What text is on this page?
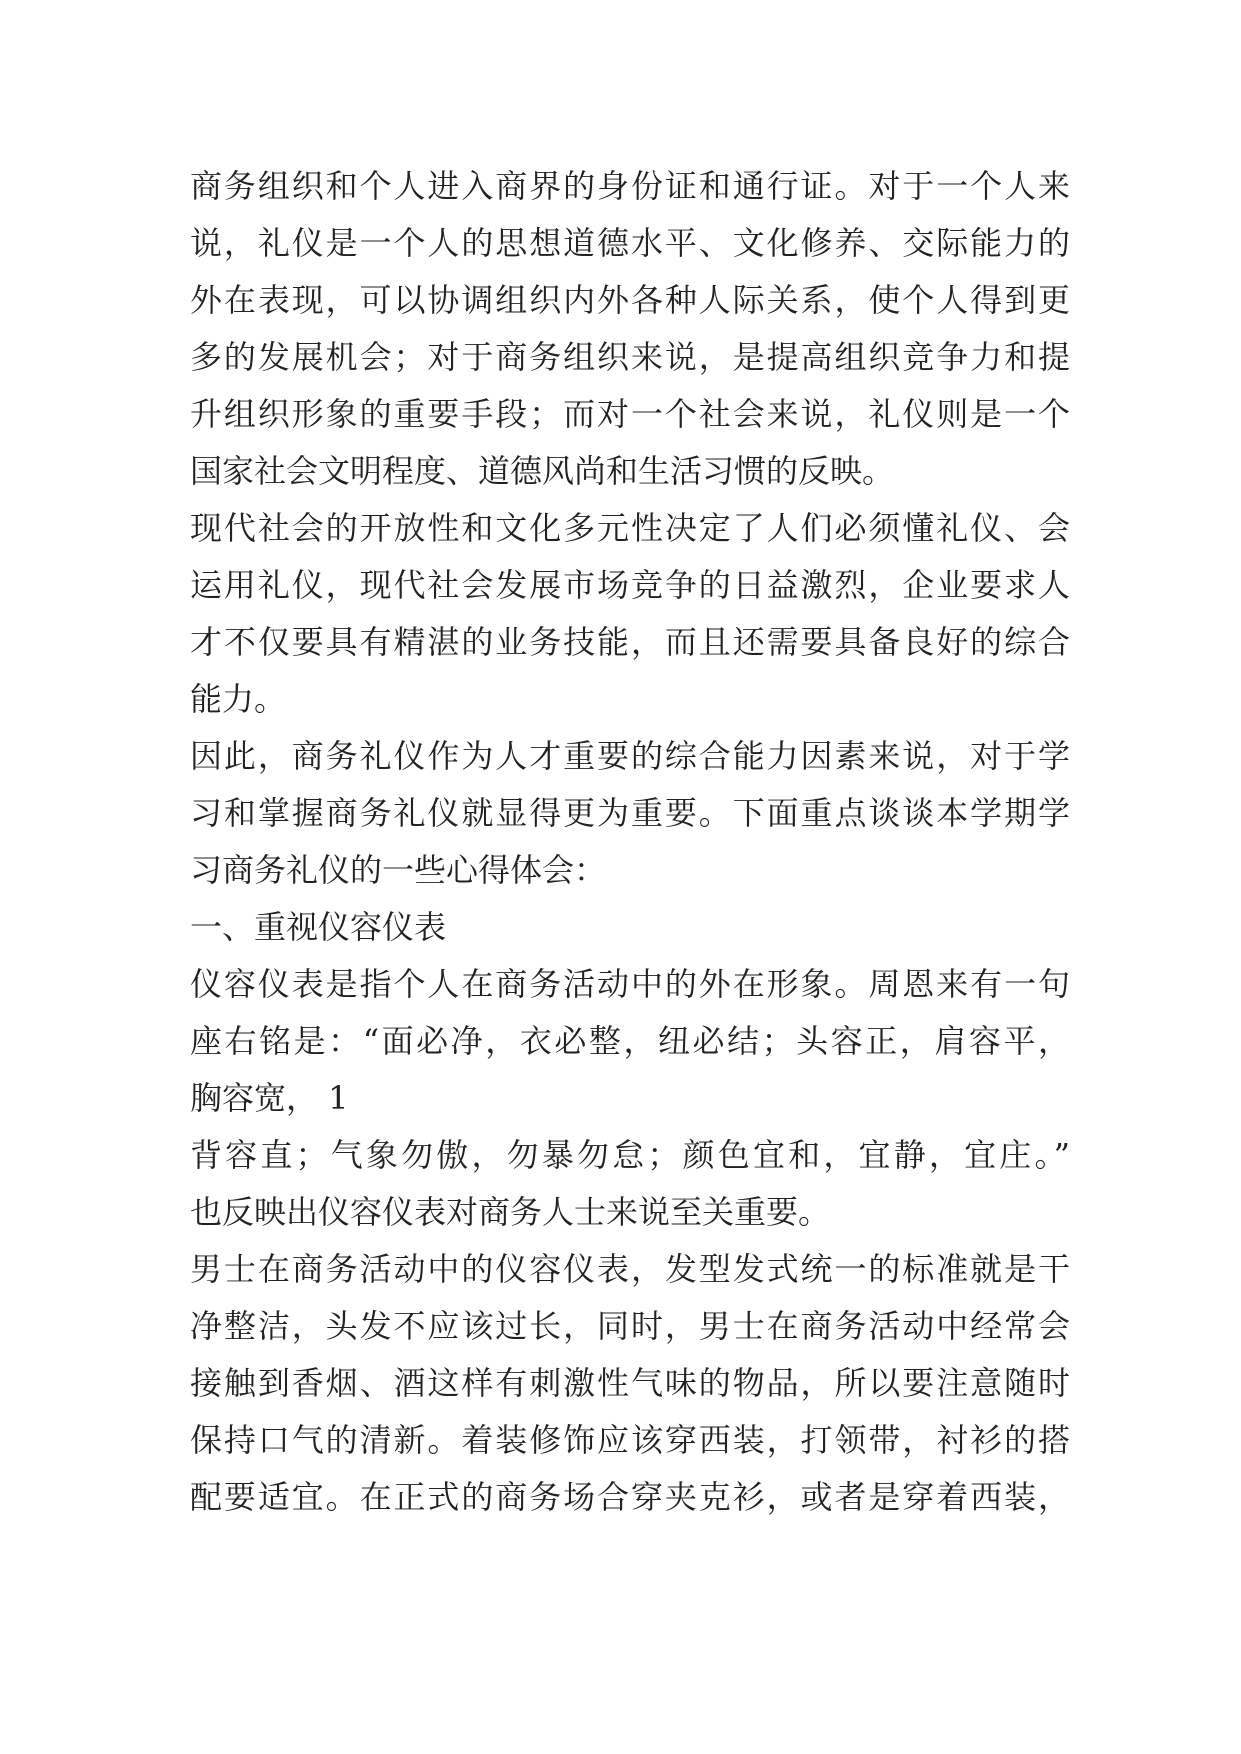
商务组织和个人进入商界的身份证和通行证。对于一个人来
说，礼仪是一个人的思想道德水平、文化修养、交际能力的
外在表现，可以协调组织内外各种人际关系，使个人得到更
多的发展机会；对于商务组织来说，是提高组织竞争力和提
升组织形象的重要手段；而对一个社会来说，礼仪则是一个
国家社会文明程度、道德风尚和生活习惯的反映。
现代社会的开放性和文化多元性决定了人们必须懂礼仪、会
运用礼仪，现代社会发展市场竞争的日益激烈，企业要求人
才不仅要具有精湛的业务技能，而且还需要具备良好的综合
能力。
因此，商务礼仪作为人才重要的综合能力因素来说，对于学
习和掌握商务礼仪就显得更为重要。下面重点谈谈本学期学
习商务礼仪的一些心得体会：
一、重视仪容仪表
仪容仪表是指个人在商务活动中的外在形象。周恩来有一句
座右铭是：“面必净，衣必整，纽必结；头容正，肩容平，
胸容宽， 1
背容直；气象勿傲，勿暴勿怠；颜色宜和，宜静，宜庄。”
也反映出仪容仪表对商务人士来说至关重要。
男士在商务活动中的仪容仪表，发型发式统一的标准就是干
净整洁，头发不应该过长，同时，男士在商务活动中经常会
接触到香烟、酒这样有刺激性气味的物品，所以要注意随时
保持口气的清新。着装修饰应该穿西装，打领带，衬衫的搭
配要适宜。在正式的商务场合穿夹克衫，或者是穿着西装，
